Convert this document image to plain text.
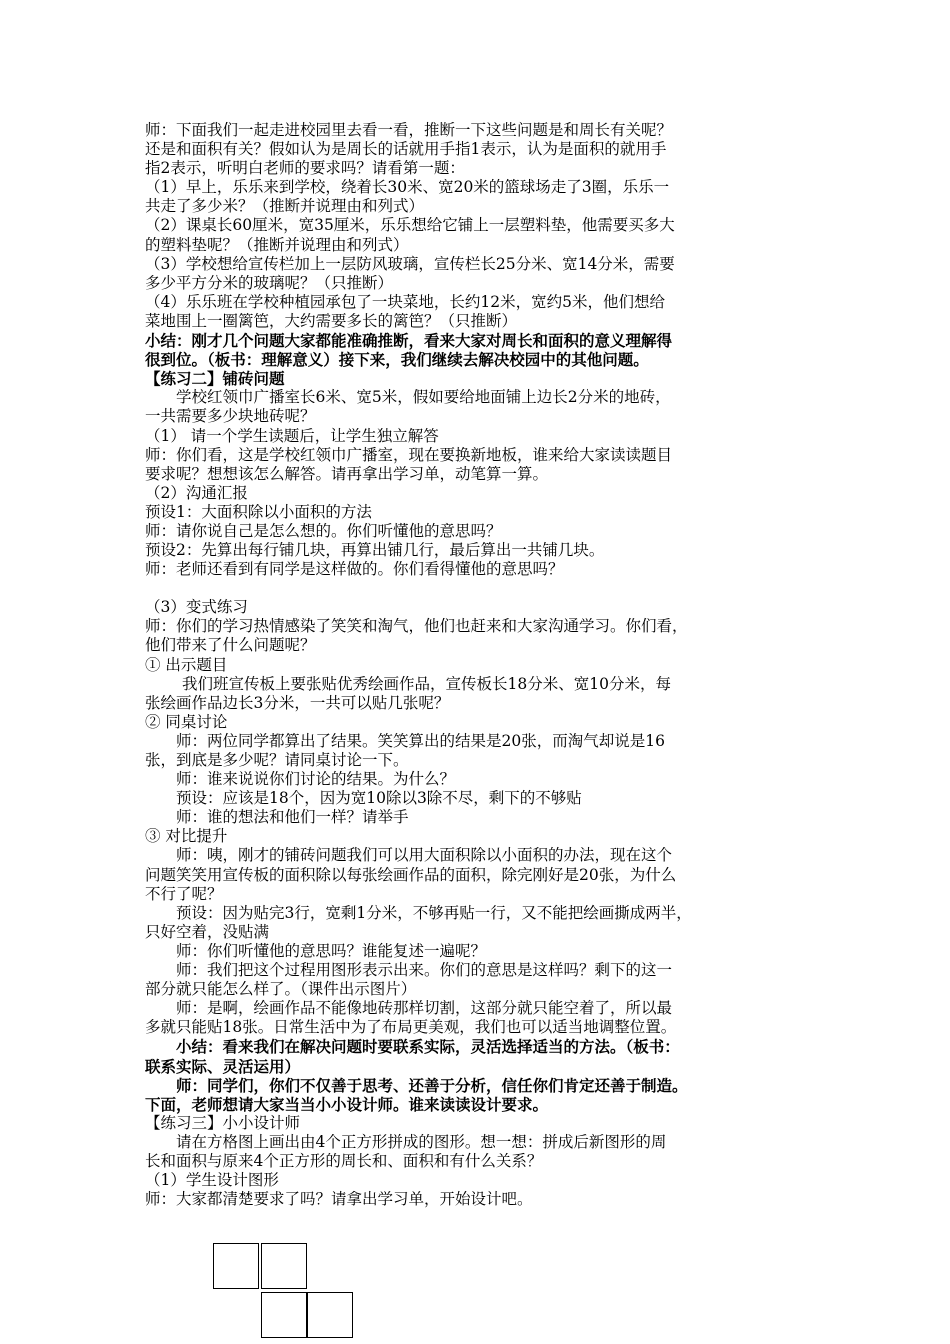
师：下面我们一起走进校园里去看一看，推断一下这些问题是和周长有关呢？

还是和面积有关？假如认为是周长的话就用手指1表示，认为是面积的就用手

指2表示，听明白老师的要求吗？请看第一题：

（1）早上，乐乐来到学校，绕着长30米、宽20米的篮球场走了3圈，乐乐一

共走了多少米？（推断并说理由和列式）

（2）课桌长60厘米，宽35厘米，乐乐想给它铺上一层塑料垫，他需要买多大

的塑料垫呢？（推断并说理由和列式）

（3）学校想给宣传栏加上一层防风玻璃，宣传栏长25分米、宽14分米，需要

多少平方分米的玻璃呢？（只推断）

（4）乐乐班在学校种植园承包了一块菜地，长约12米，宽约5米，他们想给

菜地围上一圈篱笆，大约需要多长的篱笆？（只推断）

小结：刚才几个问题大家都能准确推断，看来大家对周长和面积的意义理解得

很到位。（板书：理解意义）接下来，我们继续去解决校园中的其他问题。

【练习二】铺砖问题

学校红领巾广播室长6米、宽5米，假如要给地面铺上边长2分米的地砖，

一共需要多少块地砖呢？

（1） 请一个学生读题后，让学生独立解答

师：你们看，这是学校红领巾广播室，现在要换新地板，谁来给大家读读题目

要求呢？想想该怎么解答。请再拿出学习单，动笔算一算。

（2）沟通汇报

预设1：大面积除以小面积的方法

师：请你说自己是怎么想的。你们听懂他的意思吗？

预设2：先算出每行铺几块，再算出铺几行，最后算出一共铺几块。

师：老师还看到有同学是这样做的。你们看得懂他的意思吗？

（3）变式练习

师：你们的学习热情感染了笑笑和淘气，他们也赶来和大家沟通学习。你们看，

他们带来了什么问题呢？

① 出示题目

我们班宣传板上要张贴优秀绘画作品，宣传板长18分米、宽10分米，每

张绘画作品边长3分米，一共可以贴几张呢？

② 同桌讨论

师：两位同学都算出了结果。笑笑算出的结果是20张，而淘气却说是16

张，到底是多少呢？请同桌讨论一下。

师：谁来说说你们讨论的结果。为什么？

预设：应该是18个，因为宽10除以3除不尽，剩下的不够贴

师：谁的想法和他们一样？请举手

③ 对比提升

师：咦，刚才的铺砖问题我们可以用大面积除以小面积的办法，现在这个

问题笑笑用宣传板的面积除以每张绘画作品的面积，除完刚好是20张，为什么

不行了呢？

预设：因为贴完3行，宽剩1分米，不够再贴一行，又不能把绘画撕成两半，

只好空着，没贴满

师：你们听懂他的意思吗？谁能复述一遍呢？

师：我们把这个过程用图形表示出来。你们的意思是这样吗？剩下的这一

部分就只能怎么样了。（课件出示图片）

师：是啊，绘画作品不能像地砖那样切割，这部分就只能空着了，所以最

多就只能贴18张。日常生活中为了布局更美观，我们也可以适当地调整位置。

小结：看来我们在解决问题时要联系实际，灵活选择适当的方法。（板书：

联系实际、灵活运用）

师：同学们，你们不仅善于思考、还善于分析，信任你们肯定还善于制造。

下面，老师想请大家当当小小设计师。谁来读读设计要求。

【练习三】小小设计师

请在方格图上画出由4个正方形拼成的图形。想一想：拼成后新图形的周

长和面积与原来4个正方形的周长和、面积和有什么关系？

（1）学生设计图形

师：大家都清楚要求了吗？请拿出学习单，开始设计吧。
